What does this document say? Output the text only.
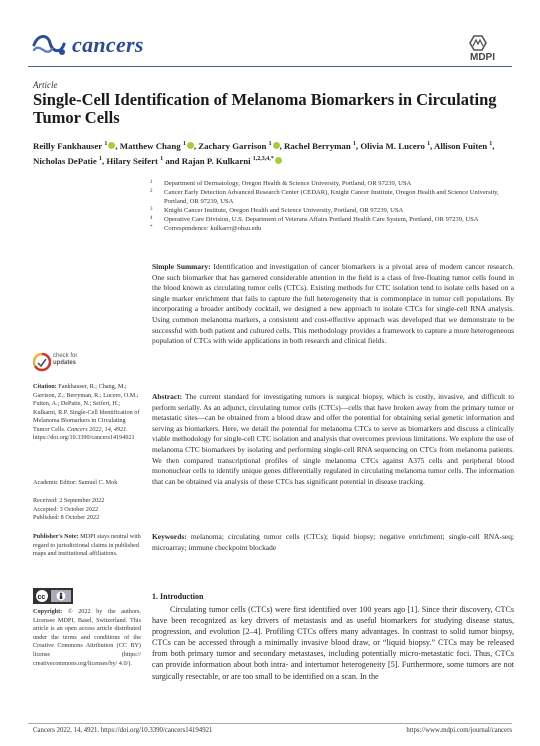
cancers
MDPI
Article
Single-Cell Identification of Melanoma Biomarkers in Circulating Tumor Cells
Reilly Fankhauser $^1$ , Matthew Chang $^1$ , Zachary Garrison $^1$ , Rachel Berryman $^1$, Olivia M. Lucero $^1$, Allison Fuiten $^1$, Nicholas DePatie $^1$, Hilary Seifert $^1$ and Rajan P. Kulkarni $^{1,2,3,4,*}$
1 Department of Dermatology, Oregon Health & Science University, Portland, OR 97239, USA
2 Cancer Early Detection Advanced Research Center (CEDAR), Knight Cancer Institute, Oregon Health and Science University, Portland, OR 97239, USA
3 Knight Cancer Institute, Oregon Health and Science University, Portland, OR 97239, USA
4 Operative Care Division, U.S. Department of Veterans Affairs Portland Health Care System, Portland, OR 97239, USA
* Correspondence: kulkarrr@ohsu.edu
Simple Summary: Identification and investigation of cancer biomarkers is a pivotal area of modern cancer research. One such biomarker that has garnered considerable attention in the field is a class of free-floating tumor cells found in the blood known as circulating tumor cells (CTCs). Existing methods for CTC isolation tend to isolate cells based on a single marker enrichment that fails to capture the full heterogeneity that is commonplace in tumor cell populations. By incorporating a broader antibody cocktail, we designed a new approach to isolate CTCs for single-cell RNA analysis. Using common melanoma markers, a consistent and cost-effective approach was developed that we demonstrate to be successful with both patient and cultured cells. This methodology provides a framework to capture a more heterogeneous population of CTCs with wide applications in both research and clinical fields.
Abstract: The current standard for investigating tumors is surgical biopsy, which is costly, invasive, and difficult to perform serially. As an adjunct, circulating tumor cells (CTCs)—cells that have broken away from the primary tumor or metastatic sites—can be obtained from a blood draw and offer the potential for obtaining serial genetic information and serving as biomarkers. Here, we detail the potential for melanoma CTCs to serve as biomarkers and discuss a clinically viable methodology for single-cell CTC isolation and analysis that overcomes previous limitations. We explore the use of melanoma CTC biomarkers by isolating and performing single-cell RNA sequencing on CTCs from melanoma patients. We then compared transcriptional profiles of single melanoma CTCs against A375 cells and peripheral blood mononuclear cells to identify unique genes differentially regulated in circulating melanoma tumor cells. The information that can be obtained via analysis of these CTCs has significant potential in disease tracking.
Keywords: melanoma; circulating tumor cells (CTCs); liquid biopsy; negative enrichment; single-cell RNA-seq; microarray; immune checkpoint blockade
check for
updates
Citation: Fankhauser, R.; Chang, M.; Garrison, Z.; Berryman, R.; Lucero, O.M.; Fuiten, A.; DePatie, N.; Seifert, H.; Kulkarni, R.P. Single-Cell Identification of Melanoma Biomarkers in Circulating Tumor Cells. Cancers 2022, 14, 4921. https://doi.org/10.3390/cancers14194921
Academic Editor: Samuel C. Mok
Received: 2 September 2022
Accepted: 3 October 2022
Published: 8 October 2022
Publisher's Note: MDPI stays neutral with regard to jurisdictional claims in published maps and institutional affiliations.
cc
Copyright: © 2022 by the authors. Licensee MDPI, Basel, Switzerland. This article is an open access article distributed under the terms and conditions of the Creative Commons Attribution (CC BY) license (https:// creativecommons.org/licenses/by/ 4.0/).
1. Introduction
Circulating tumor cells (CTCs) were first identified over 100 years ago [1]. Since their discovery, CTCs have been recognized as key drivers of metastasis and as useful biomarkers for studying disease status, progression, and evolution [2–4]. Profiling CTCs offers many advantages. In contrast to solid tumor biopsy, CTCs can be accessed through a minimally invasive blood draw, or “liquid biopsy.” CTCs may be released from both primary tumor and secondary metastases, including potentially micro-metastatic foci. Thus, CTCs can provide information about both intra- and intertumor heterogeneity [5]. Furthermore, some tumors are not surgically resectable, or are too small to be identified on a scan. In the
Cancers 2022, 14, 4921. https://doi.org/10.3390/cancers14194921	https://www.mdpi.com/journal/cancers
